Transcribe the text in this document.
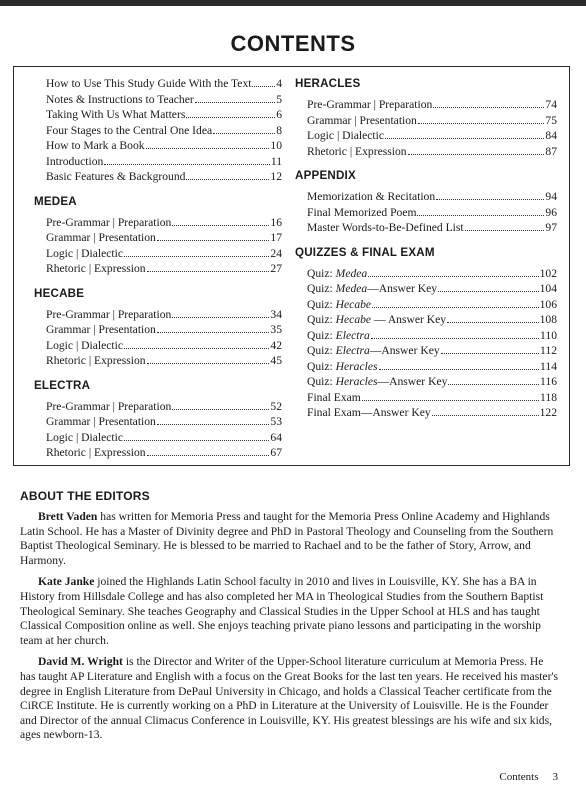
CONTENTS
How to Use This Study Guide With the Text 4
Notes & Instructions to Teacher	5
Taking With Us What Matters	6
Four Stages to the Central One Idea	8
How to Mark a Book	10
Introduction	11
Basic Features & Background	12
MEDEA
Pre-Grammar | Preparation	16
Grammar | Presentation	17
Logic | Dialectic	24
Rhetoric | Expression	27
HECABE
Pre-Grammar | Preparation	34
Grammar | Presentation	35
Logic | Dialectic	42
Rhetoric | Expression	45
ELECTRA
Pre-Grammar | Preparation	52
Grammar | Presentation	53
Logic | Dialectic	64
Rhetoric | Expression	67
HERACLES
Pre-Grammar | Preparation	74
Grammar | Presentation	75
Logic | Dialectic	84
Rhetoric | Expression	87
APPENDIX
Memorization & Recitation	94
Final Memorized Poem	96
Master Words-to-Be-Defined List	97
QUIZZES & FINAL EXAM
Quiz: Medea	102
Quiz: Medea—Answer Key	104
Quiz: Hecabe	106
Quiz: Hecabe — Answer Key	108
Quiz: Electra	110
Quiz: Electra—Answer Key	112
Quiz: Heracles	114
Quiz: Heracles—Answer Key	116
Final Exam	118
Final Exam—Answer Key	122
ABOUT THE EDITORS

Brett Vaden has written for Memoria Press and taught for the Memoria Press Online Academy and Highlands Latin School. He has a Master of Divinity degree and PhD in Pastoral Theology and Counseling from the Southern Baptist Theological Seminary. He is blessed to be married to Rachael and to be the father of Story, Arrow, and Harmony.

Kate Janke joined the Highlands Latin School faculty in 2010 and lives in Louisville, KY. She has a BA in History from Hillsdale College and has also completed her MA in Theological Studies from the Southern Baptist Theological Seminary. She teaches Geography and Classical Studies in the Upper School at HLS and has taught Classical Composition online as well. She enjoys teaching private piano lessons and participating in the worship team at her church.

David M. Wright is the Director and Writer of the Upper-School literature curriculum at Memoria Press. He has taught AP Literature and English with a focus on the Great Books for the last ten years. He received his master's degree in English Literature from DePaul University in Chicago, and holds a Classical Teacher certificate from the CiRCE Institute. He is currently working on a PhD in Literature at the University of Louisville. He is the Founder and Director of the annual Climacus Conference in Louisville, KY. His greatest blessings are his wife and six kids, ages newborn-13.

Contents 3
